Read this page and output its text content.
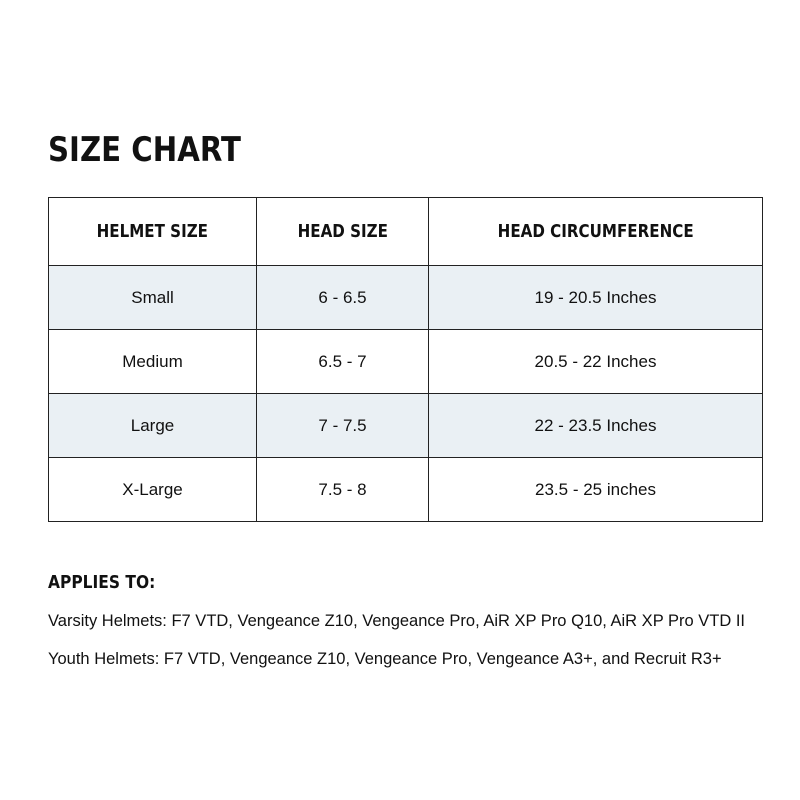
SIZE CHART
HELMET SIZE	HEAD SIZE	HEAD CIRCUMFERENCE
Small	6 - 6.5	19 - 20.5 Inches
Medium	6.5 - 7	20.5 - 22 Inches
Large	7 - 7.5	22 - 23.5 Inches
X-Large	7.5 - 8	23.5 - 25 inches
APPLIES TO:

Varsity Helmets: F7 VTD, Vengeance Z10, Vengeance Pro, AiR XP Pro Q10, AiR XP Pro VTD II

Youth Helmets: F7 VTD, Vengeance Z10, Vengeance Pro, Vengeance A3+, and Recruit R3+
